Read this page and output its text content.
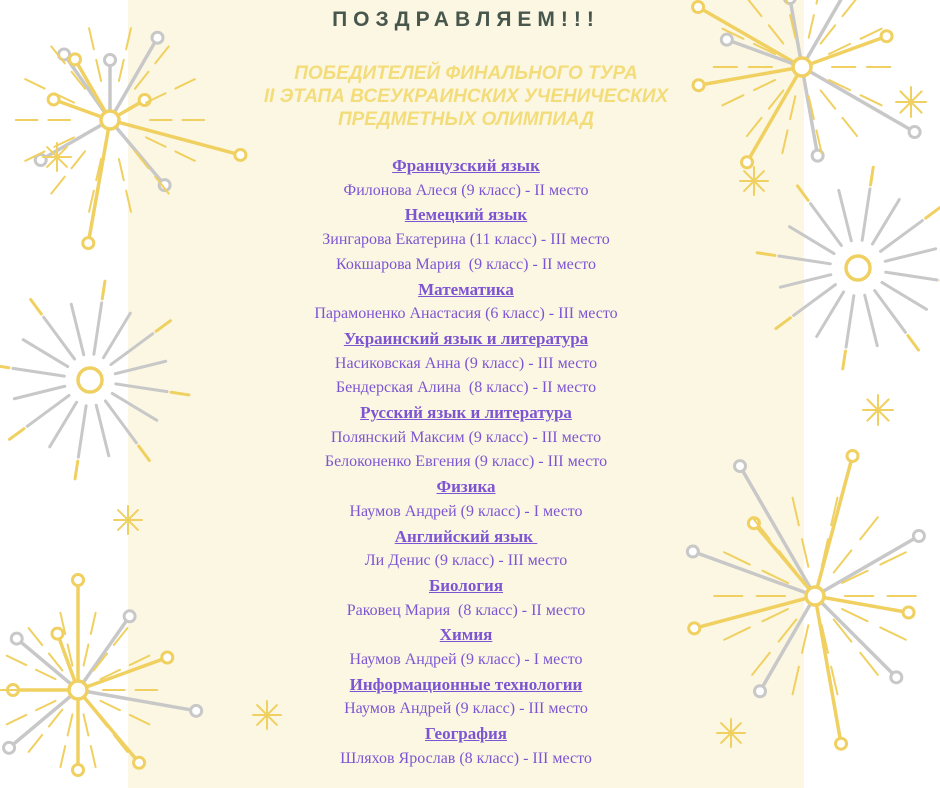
ПОЗДРАВЛЯЕМ!!!
ПОБЕДИТЕЛЕЙ ФИНАЛЬНОГО ТУРА
II ЭТАПА ВСЕУКРАИНСКИХ УЧЕНИЧЕСКИХ
ПРЕДМЕТНЫХ ОЛИМПИАД
Французский язык
Филонова Алеся (9 класс) - II место
Немецкий язык
Зингарова Екатерина (11 класс) - III место
Кокшарова Мария  (9 класс) - II место
Математика
Парамоненко Анастасия (6 класс) - III место
Украинский язык и литература
Насиковская Анна (9 класс) - III место
Бендерская Алина  (8 класс) - II место
Русский язык и литература
Полянский Максим (9 класс) - III место
Белоконенко Евгения (9 класс) - III место
Физика
Наумов Андрей (9 класс) - I место
Английский язык
Ли Денис (9 класс) - III место
Биология
Раковец Мария  (8 класс) - II место
Химия
Наумов Андрей (9 класс) - I место
Информационные технологии
Наумов Андрей (9 класс) - III место
География
Шляхов Ярослав (8 класс) - III место
